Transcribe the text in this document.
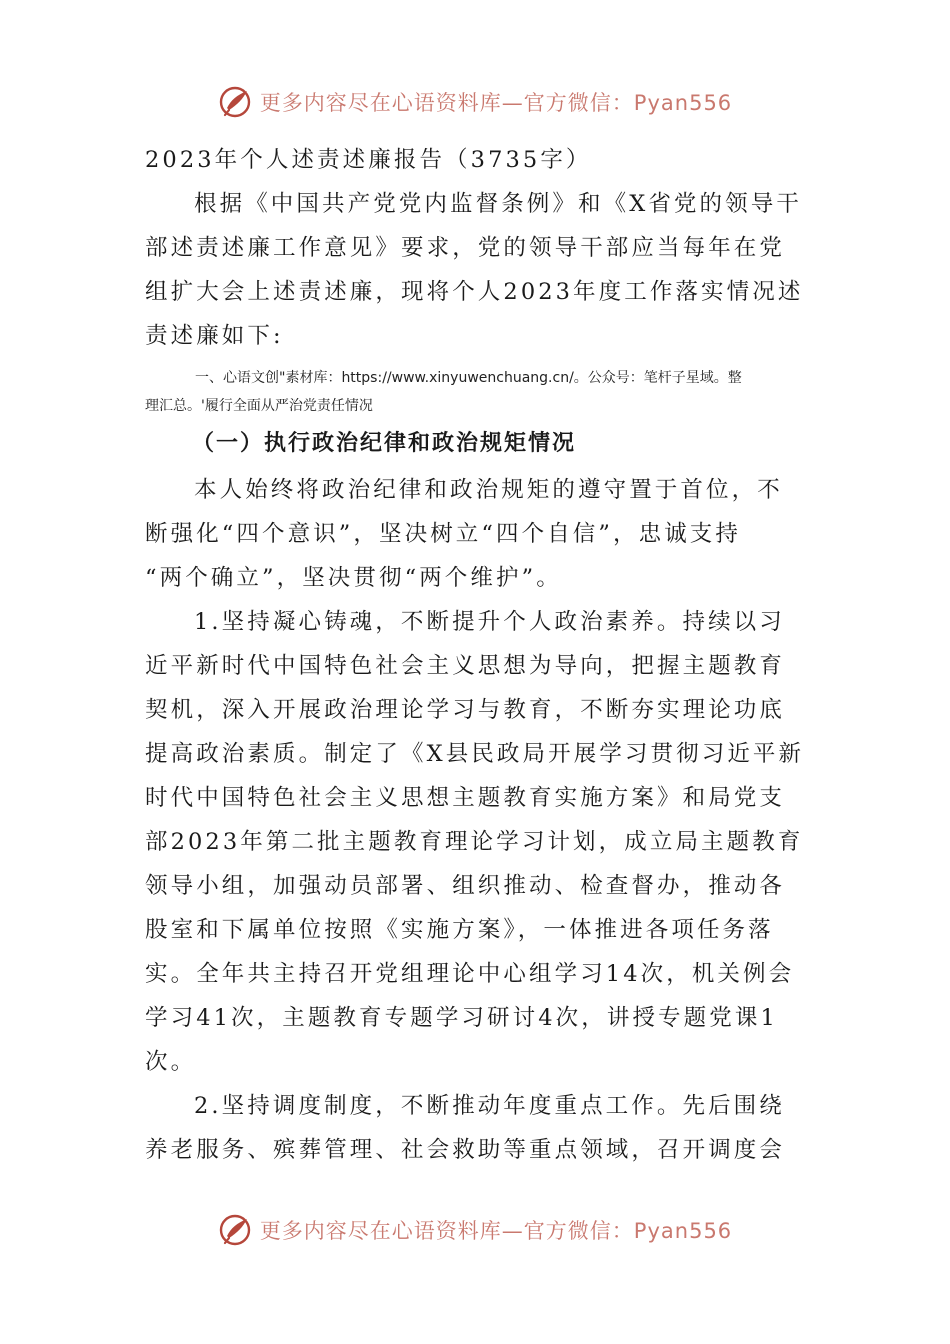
更多内容尽在心语资料库—官方微信：Pyan556
2023年个人述责述廉报告（3735字）
根据《中国共产党党内监督条例》和《X省党的领导干
部述责述廉工作意见》要求，党的领导干部应当每年在党
组扩大会上述责述廉，现将个人2023年度工作落实情况述
责述廉如下:
一、心语文创"素材库：https://www.xinyuwenchuang.cn/。公众号：笔杆子星域。整
理汇总。'履行全面从严治党责任情况
（一）执行政治纪律和政治规矩情况
本人始终将政治纪律和政治规矩的遵守置于首位，不
断强化“四个意识”，坚决树立“四个自信”，忠诚支持
“两个确立”，坚决贯彻“两个维护”。
1.坚持凝心铸魂，不断提升个人政治素养。持续以习
近平新时代中国特色社会主义思想为导向，把握主题教育
契机，深入开展政治理论学习与教育，不断夯实理论功底
提高政治素质。制定了《X县民政局开展学习贯彻习近平新
时代中国特色社会主义思想主题教育实施方案》和局党支
部2023年第二批主题教育理论学习计划，成立局主题教育
领导小组，加强动员部署、组织推动、检查督办，推动各
股室和下属单位按照《实施方案》，一体推进各项任务落
实。全年共主持召开党组理论中心组学习14次，机关例会
学习41次，主题教育专题学习研讨4次，讲授专题党课1
次。
2.坚持调度制度，不断推动年度重点工作。先后围绕
养老服务、殡葬管理、社会救助等重点领域，召开调度会
更多内容尽在心语资料库—官方微信：Pyan556
